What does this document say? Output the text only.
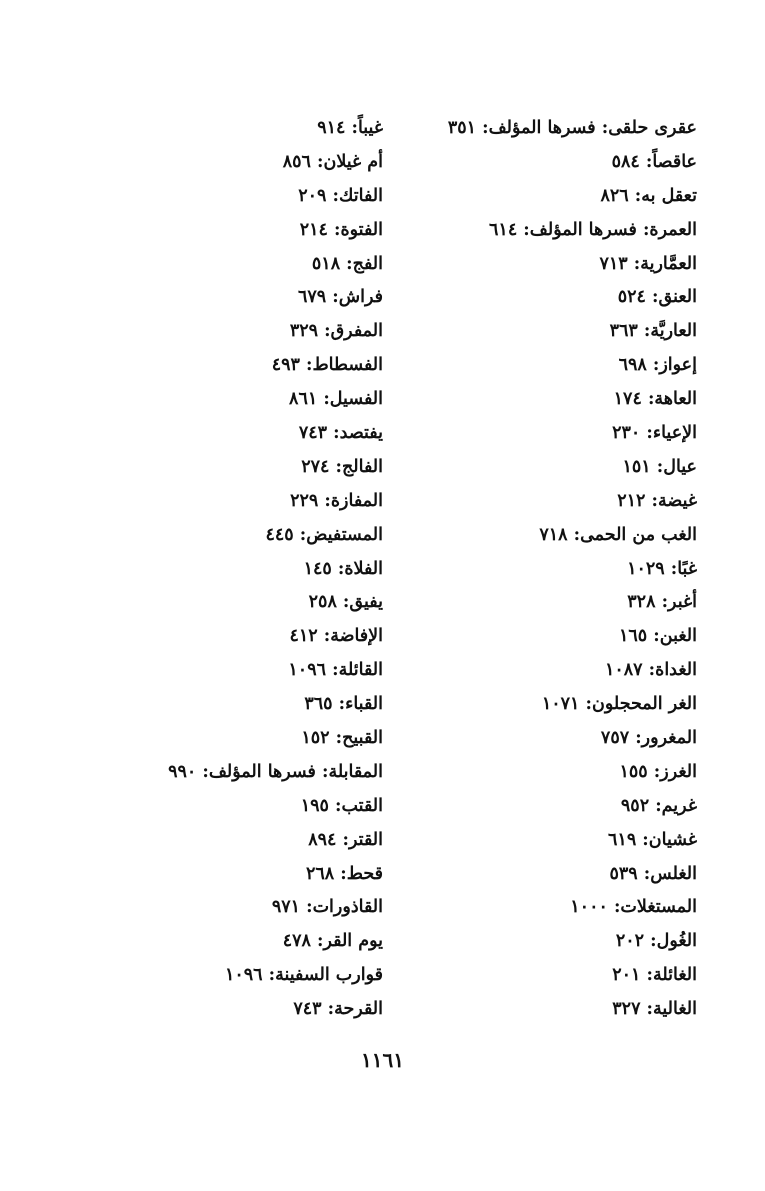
عقرى حلقى: فسرها المؤلف: ٣٥١
عاقصاً: ٥٨٤
تعقل به: ٨٢٦
العمرة: فسرها المؤلف: ٦١٤
العمَّارية: ٧١٣
العنق: ٥٢٤
العاريَّة: ٣٦٣
إعواز: ٦٩٨
العاهة: ١٧٤
الإعياء: ٢٣٠
عيال: ١٥١
غيضة: ٢١٢
الغب من الحمى: ٧١٨
غبًا: ١٠٢٩
أغبر: ٣٢٨
الغبن: ١٦٥
الغداة: ١٠٨٧
الغر المحجلون: ١٠٧١
المغرور: ٧٥٧
الغرز: ١٥٥
غريم: ٩٥٢
غشيان: ٦١٩
الغلس: ٥٣٩
المستغلات: ١٠٠٠
الغُول: ٢٠٢
الغائلة: ٢٠١
الغالية: ٣٢٧
غيباً: ٩١٤
أم غيلان: ٨٥٦
الفاتك: ٢٠٩
الفتوة: ٢١٤
الفج: ٥١٨
فراش: ٦٧٩
المفرق: ٣٢٩
الفسطاط: ٤٩٣
الفسيل: ٨٦١
يفتصد: ٧٤٣
الفالج: ٢٧٤
المفازة: ٢٢٩
المستفيض: ٤٤٥
الفلاة: ١٤٥
يفيق: ٢٥٨
الإفاضة: ٤١٢
القائلة: ١٠٩٦
القباء: ٣٦٥
القبيح: ١٥٢
المقابلة: فسرها المؤلف: ٩٩٠
القتب: ١٩٥
القتر: ٨٩٤
قحط: ٢٦٨
القاذورات: ٩٧١
يوم القر: ٤٧٨
قوارب السفينة: ١٠٩٦
القرحة: ٧٤٣
١١٦١
